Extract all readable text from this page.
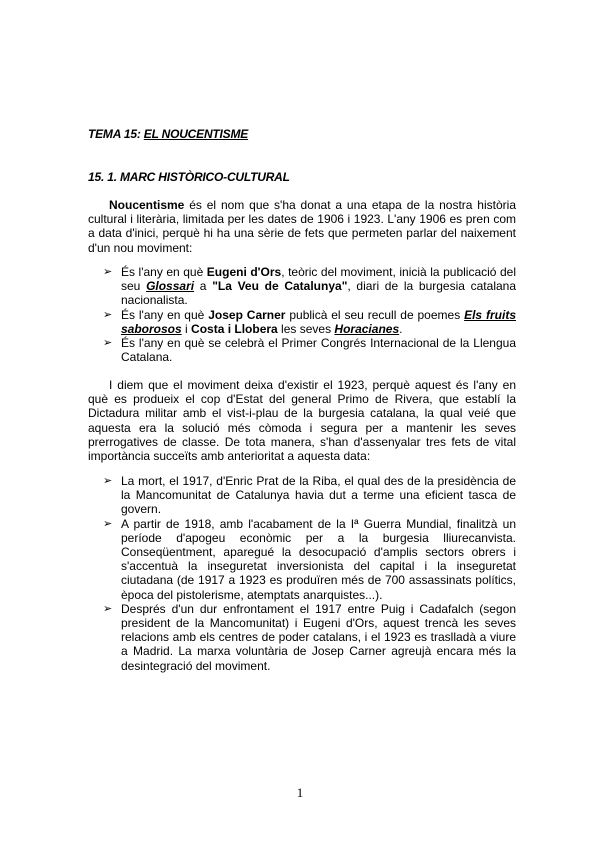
TEMA 15: EL NOUCENTISME
15. 1. MARC HISTÒRICO-CULTURAL

Noucentisme és el nom que s'ha donat a una etapa de la nostra història cultural i literària, limitada per les dates de 1906 i 1923. L'any 1906 es pren com a data d'inici, perquè hi ha una sèrie de fets que permeten parlar del naixement d'un nou moviment:

➢ És l'any en què Eugeni d'Ors, teòric del moviment, inicià la publicació del seu Glossari a "La Veu de Catalunya", diari de la burgesia catalana nacionalista.
➢ És l'any en què Josep Carner publicà el seu recull de poemes Els fruits saborosos i Costa i Llobera les seves Horacianes.
➢ És l'any en què se celebrà el Primer Congrés Internacional de la Llengua Catalana.

I diem que el moviment deixa d'existir el 1923, perquè aquest és l'any en què es produeix el cop d'Estat del general Primo de Rivera, que establí la Dictadura militar amb el vist-i-plau de la burgesia catalana, la qual veié que aquesta era la solució més còmoda i segura per a mantenir les seves prerrogatives de classe. De tota manera, s'han d'assenyalar tres fets de vital importància succeïts amb anterioritat a aquesta data:

➢ La mort, el 1917, d'Enric Prat de la Riba, el qual des de la presidència de la Mancomunitat de Catalunya havia dut a terme una eficient tasca de govern.
➢ A partir de 1918, amb l'acabament de la Iª Guerra Mundial, finalitzà un període d'apogeu econòmic per a la burgesia lliurecanvista. Conseqüentment, aparegué la desocupació d'amplis sectors obrers i s'accentuà la inseguretat inversionista del capital i la inseguretat ciutadana (de 1917 a 1923 es produïren més de 700 assassinats polítics, època del pistolerisme, atemptats anarquistes...).
➢ Després d'un dur enfrontament el 1917 entre Puig i Cadafalch (segon president de la Mancomunitat) i Eugeni d'Ors, aquest trencà les seves relacions amb els centres de poder catalans, i el 1923 es traslladà a viure a Madrid. La marxa voluntària de Josep Carner agreujà encara més la desintegració del moviment.
1
